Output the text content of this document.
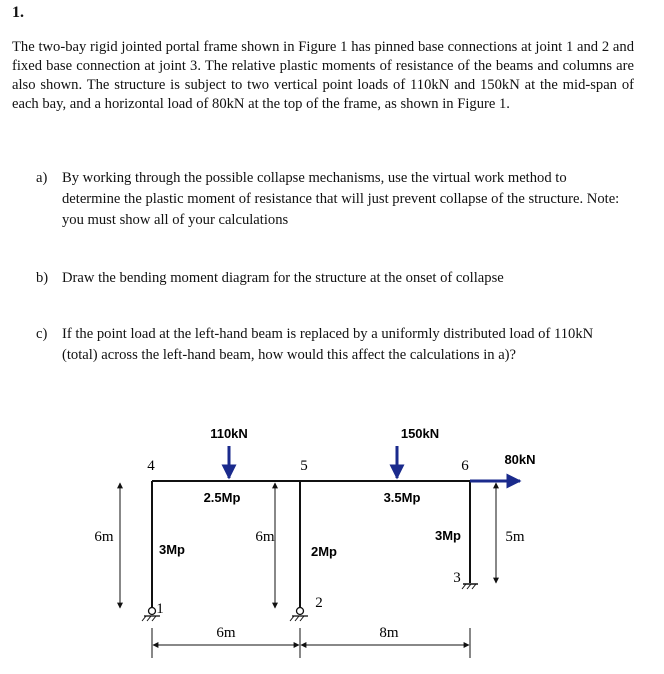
1.
The two-bay rigid jointed portal frame shown in Figure 1 has pinned base connections at joint 1 and 2 and fixed base connection at joint 3. The relative plastic moments of resistance of the beams and columns are also shown. The structure is subject to two vertical point loads of 110kN and 150kN at the mid-span of each bay, and a horizontal load of 80kN at the top of the frame, as shown in Figure 1.
a) By working through the possible collapse mechanisms, use the virtual work method to determine the plastic moment of resistance that will just prevent collapse of the structure. Note: you must show all of your calculations
b) Draw the bending moment diagram for the structure at the onset of collapse
c) If the point load at the left-hand beam is replaced by a uniformly distributed load of 110kN (total) across the left-hand beam, how would this affect the calculations in a)?
110kN	150kN
80kN
4	5	6
1	2
3
2.5Mp	3.5Mp
3Mp	2Mp
3Mp
6m	6m	5m
6m	8m
